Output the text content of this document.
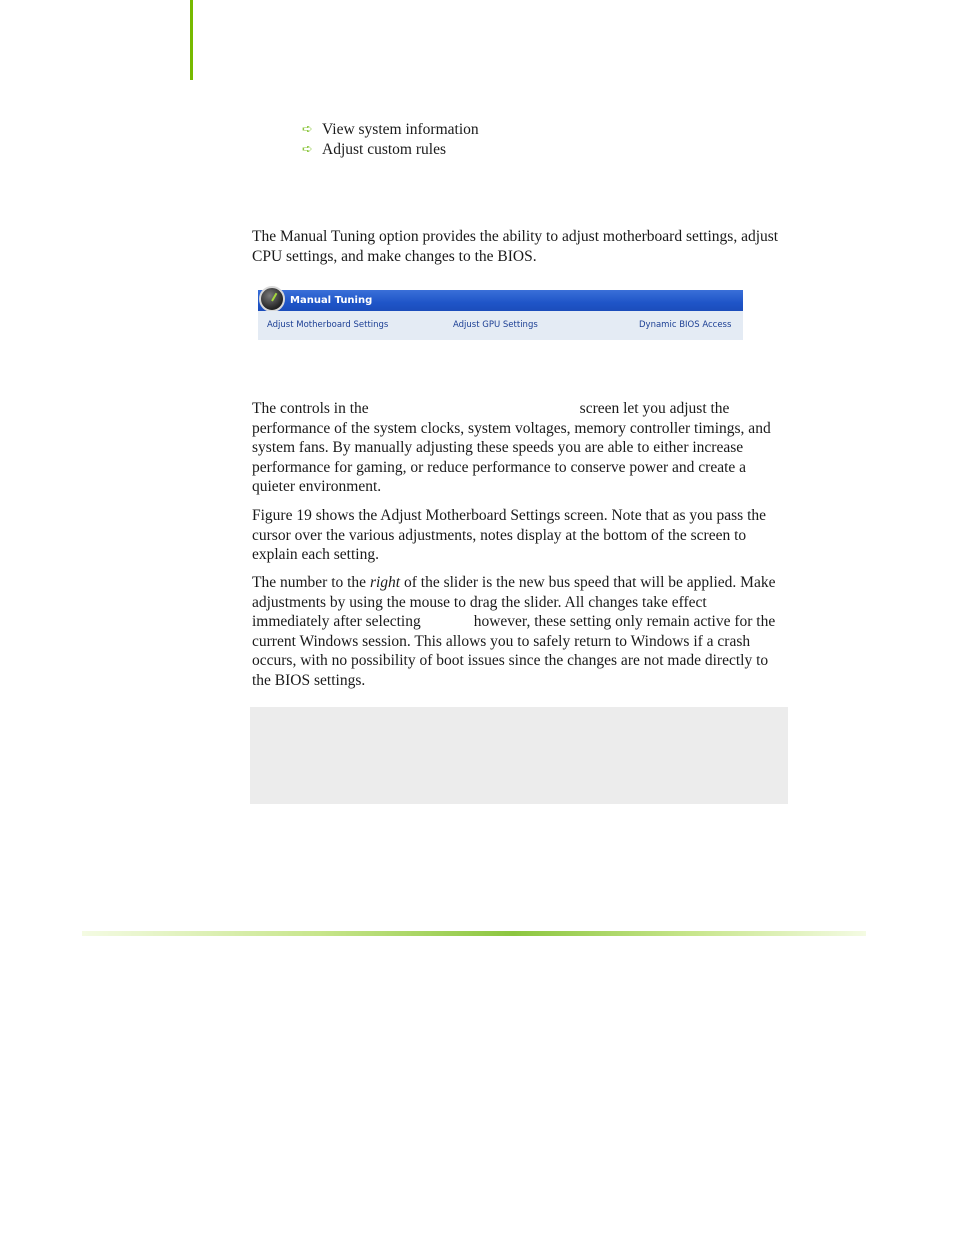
➪ View system information
➪ Adjust custom rules

The Manual Tuning option provides the ability to adjust motherboard settings, adjust CPU settings, and make changes to the BIOS.

Manual Tuning
Adjust Motherboard Settings	Adjust GPU Settings	Dynamic BIOS Access

The controls in the	screen let you adjust the performance of the system clocks, system voltages, memory controller timings, and system fans. By manually adjusting these speeds you are able to either increase performance for gaming, or reduce performance to conserve power and create a quieter environment.

Figure 19 shows the Adjust Motherboard Settings screen. Note that as you pass the cursor over the various adjustments, notes display at the bottom of the screen to explain each setting.

The number to the right of the slider is the new bus speed that will be applied. Make adjustments by using the mouse to drag the slider. All changes take effect immediately after selecting	however, these setting only remain active for the current Windows session. This allows you to safely return to Windows if a crash occurs, with no possibility of boot issues since the changes are not made directly to the BIOS settings.
